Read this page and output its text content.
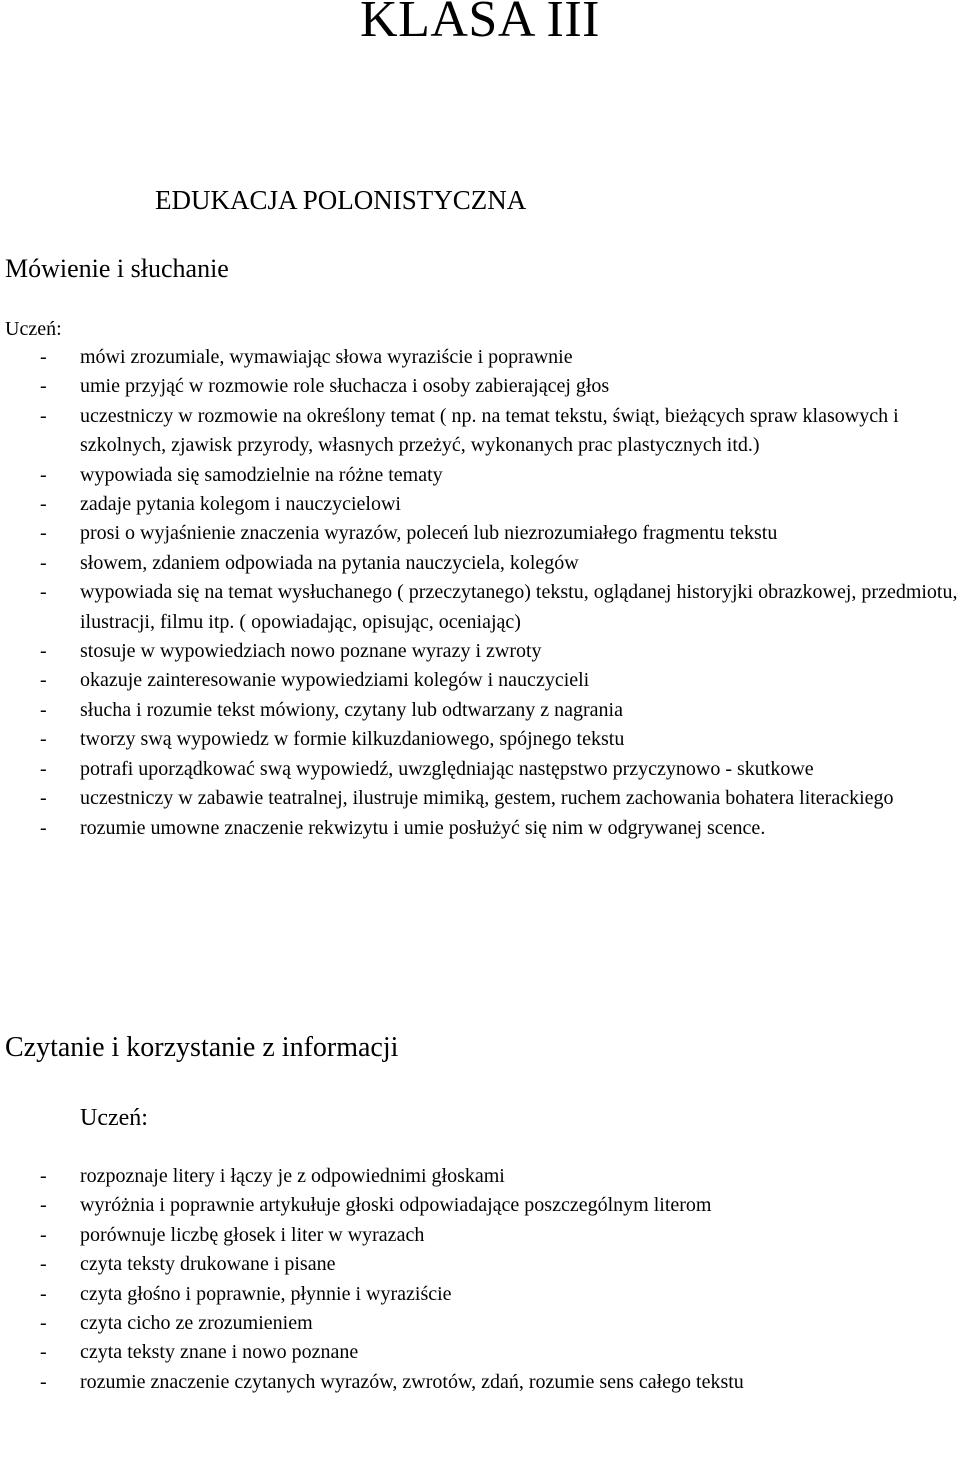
KLASA III
EDUKACJA POLONISTYCZNA
Mówienie i słuchanie

Uczeń:

- mówi zrozumiale, wymawiając słowa wyraziście i poprawnie
- umie przyjąć w rozmowie role słuchacza i osoby zabierającej głos
- uczestniczy w rozmowie na określony temat ( np. na temat tekstu, świąt, bieżących spraw klasowych i szkolnych, zjawisk przyrody, własnych przeżyć, wykonanych prac plastycznych itd.)
- wypowiada się samodzielnie na różne tematy
- zadaje pytania kolegom i nauczycielowi
- prosi o wyjaśnienie znaczenia wyrazów, poleceń lub niezrozumiałego fragmentu tekstu
- słowem, zdaniem odpowiada na pytania nauczyciela, kolegów
- wypowiada się na temat wysłuchanego ( przeczytanego) tekstu, oglądanej historyjki obrazkowej, przedmiotu, ilustracji, filmu itp. ( opowiadając, opisując, oceniając)
- stosuje w wypowiedziach nowo poznane wyrazy i zwroty
- okazuje zainteresowanie wypowiedziami kolegów i nauczycieli
- słucha i rozumie tekst mówiony, czytany lub odtwarzany z nagrania
- tworzy swą wypowiedz w formie kilkuzdaniowego, spójnego tekstu
- potrafi uporządkować swą wypowiedź, uwzględniając następstwo przyczynowo - skutkowe
- uczestniczy w zabawie teatralnej, ilustruje mimiką, gestem, ruchem zachowania bohatera literackiego
- rozumie umowne znaczenie rekwizytu i umie posłużyć się nim w odgrywanej scence.
Czytanie i korzystanie z informacji

Uczeń:

- rozpoznaje litery i łączy je z odpowiednimi głoskami
- wyróżnia i poprawnie artykułuje głoski odpowiadające poszczególnym literom
- porównuje liczbę głosek i liter w wyrazach
- czyta teksty drukowane i pisane
- czyta głośno i poprawnie, płynnie i wyraziście
- czyta cicho ze zrozumieniem
- czyta teksty znane i nowo poznane
- rozumie znaczenie czytanych wyrazów, zwrotów, zdań, rozumie sens całego tekstu
